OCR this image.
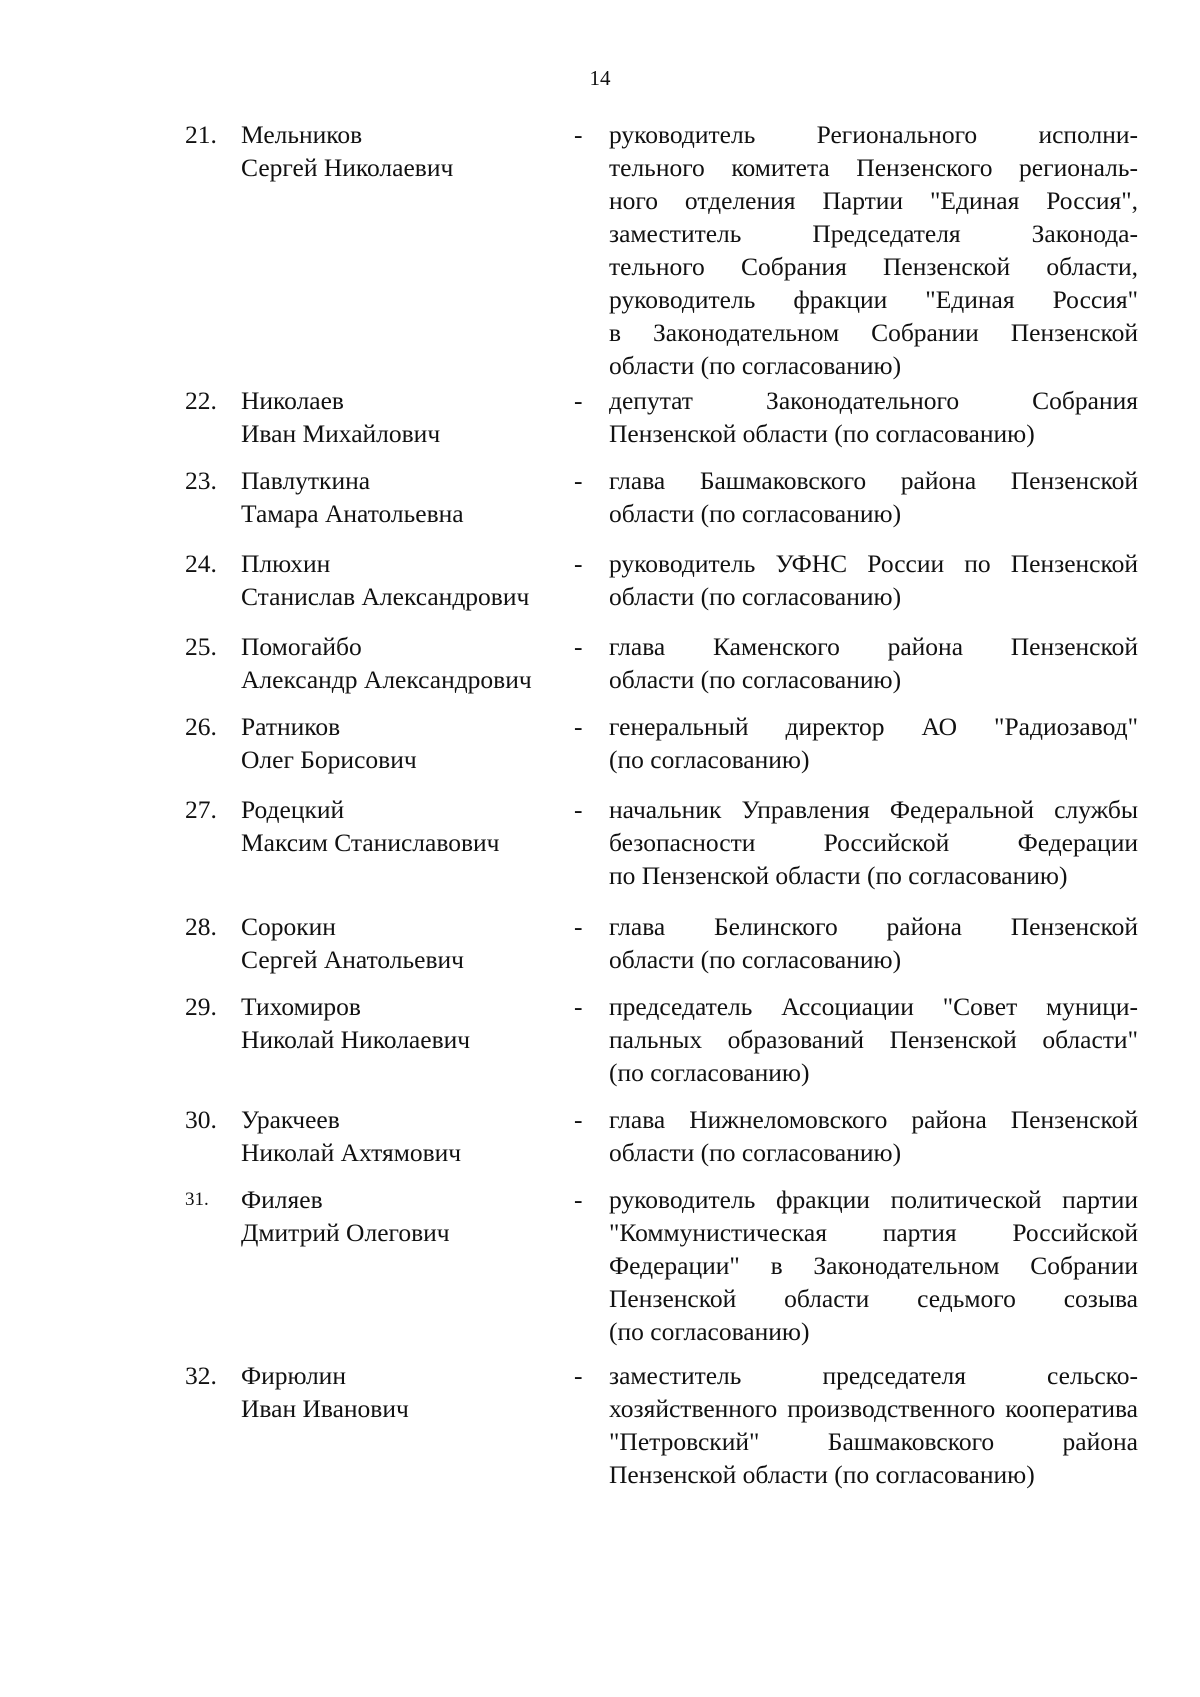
14
21. Мельников
Сергей Николаевич
- руководитель Регионального исполни-
тельного комитета Пензенского региональ-
ного отделения Партии "Единая Россия",
заместитель Председателя Законода-
тельного Собрания Пензенской области,
руководитель фракции "Единая Россия"
в Законодательном Собрании Пензенской
области (по согласованию)
22. Николаев
Иван Михайлович
- депутат Законодательного Собрания
Пензенской области (по согласованию)
23. Павлуткина
Тамара Анатольевна
- глава Башмаковского района Пензенской
области (по согласованию)
24. Плюхин
Станислав Александрович
- руководитель УФНС России по Пензенской
области (по согласованию)
25. Помогайбо
Александр Александрович
- глава Каменского района Пензенской
области (по согласованию)
26. Ратников
Олег Борисович
- генеральный директор АО "Радиозавод"
(по согласованию)
27. Родецкий
Максим Станиславович
- начальник Управления Федеральной службы
безопасности Российской Федерации
по Пензенской области (по согласованию)
28. Сорокин
Сергей Анатольевич
- глава Белинского района Пензенской
области (по согласованию)
29. Тихомиров
Николай Николаевич
- председатель Ассоциации "Совет муници-
пальных образований Пензенской области"
(по согласованию)
30. Уракчеев
Николай Ахтямович
- глава Нижнеломовского района Пензенской
области (по согласованию)
31.	Филяев
Дмитрий Олегович
- руководитель фракции политической партии
"Коммунистическая партия Российской
Федерации" в Законодательном Собрании
Пензенской области седьмого созыва
(по согласованию)
32. Фирюлин
Иван Иванович
- заместитель председателя сельско-
хозяйственного производственного кооператива
"Петровский" Башмаковского района
Пензенской области (по согласованию)
